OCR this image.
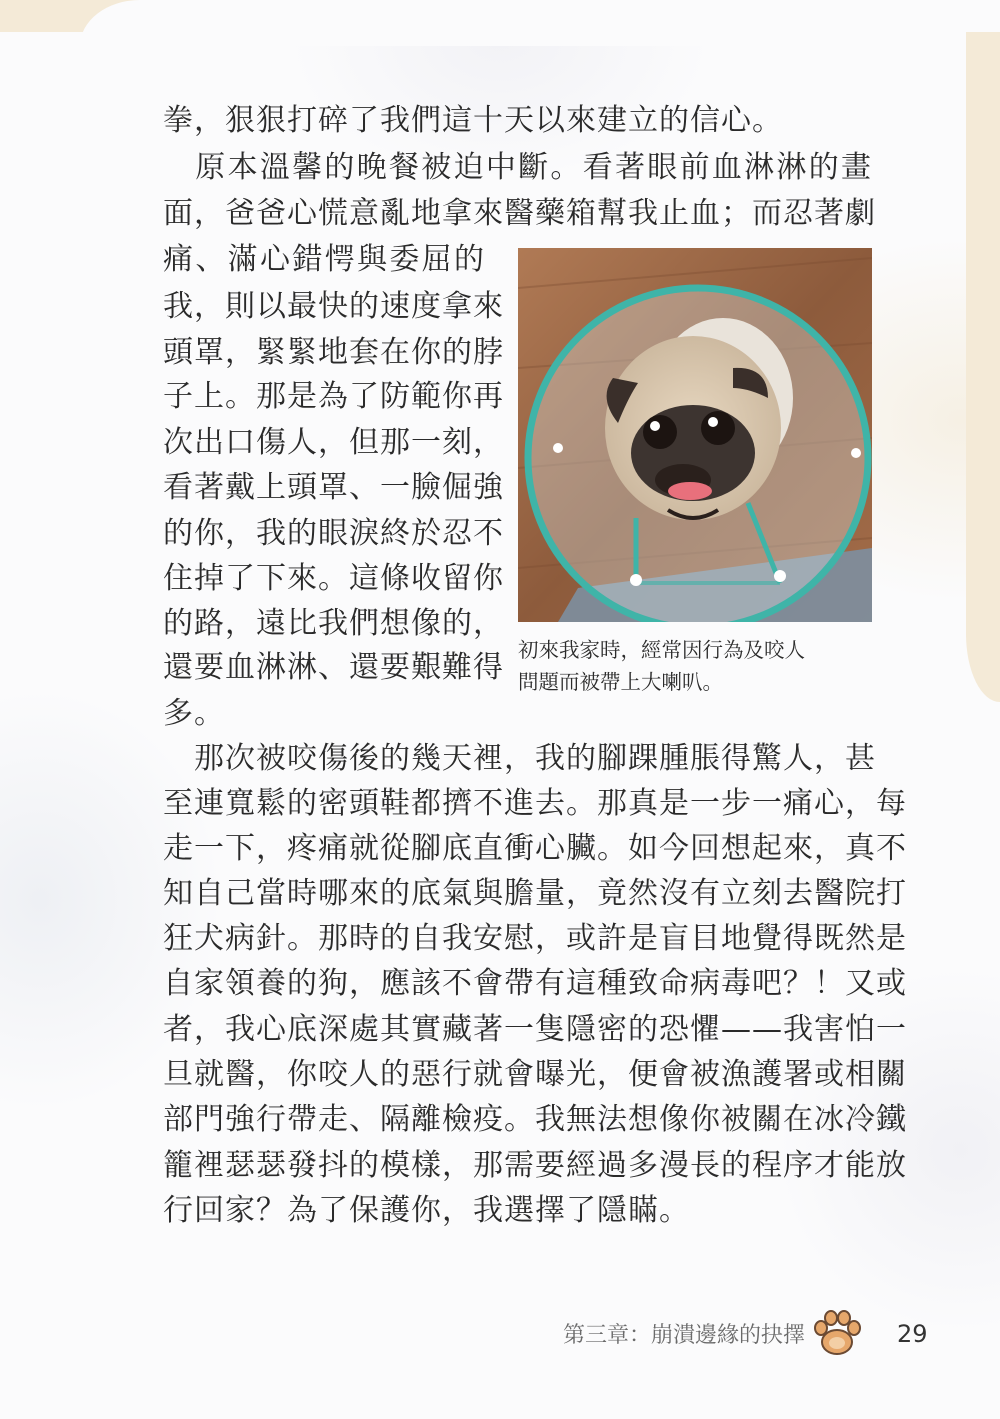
拳，狠狠打碎了我們這十天以來建立的信心。
　原本溫馨的晚餐被迫中斷。看著眼前血淋淋的畫
面，爸爸心慌意亂地拿來醫藥箱幫我止血；而忍著劇
痛、滿心錯愕與委屈的
我，則以最快的速度拿來
頭罩，緊緊地套在你的脖
子上。那是為了防範你再
次出口傷人，但那一刻，
看著戴上頭罩、一臉倔強
的你，我的眼淚終於忍不
住掉了下來。這條收留你
的路，遠比我們想像的，
還要血淋淋、還要艱難得
多。
　那次被咬傷後的幾天裡，我的腳踝腫脹得驚人，甚
至連寬鬆的密頭鞋都擠不進去。那真是一步一痛心，每
走一下，疼痛就從腳底直衝心臟。如今回想起來，真不
知自己當時哪來的底氣與膽量，竟然沒有立刻去醫院打
狂犬病針。那時的自我安慰，或許是盲目地覺得既然是
自家領養的狗，應該不會帶有這種致命病毒吧？！又或
者，我心底深處其實藏著一隻隱密的恐懼——我害怕一
旦就醫，你咬人的惡行就會曝光，便會被漁護署或相關
部門強行帶走、隔離檢疫。我無法想像你被關在冰冷鐵
籠裡瑟瑟發抖的模樣，那需要經過多漫長的程序才能放
行回家？為了保護你，我選擇了隱瞞。
初來我家時，經常因行為及咬人
問題而被帶上大喇叭。
第三章：崩潰邊緣的抉擇	29
